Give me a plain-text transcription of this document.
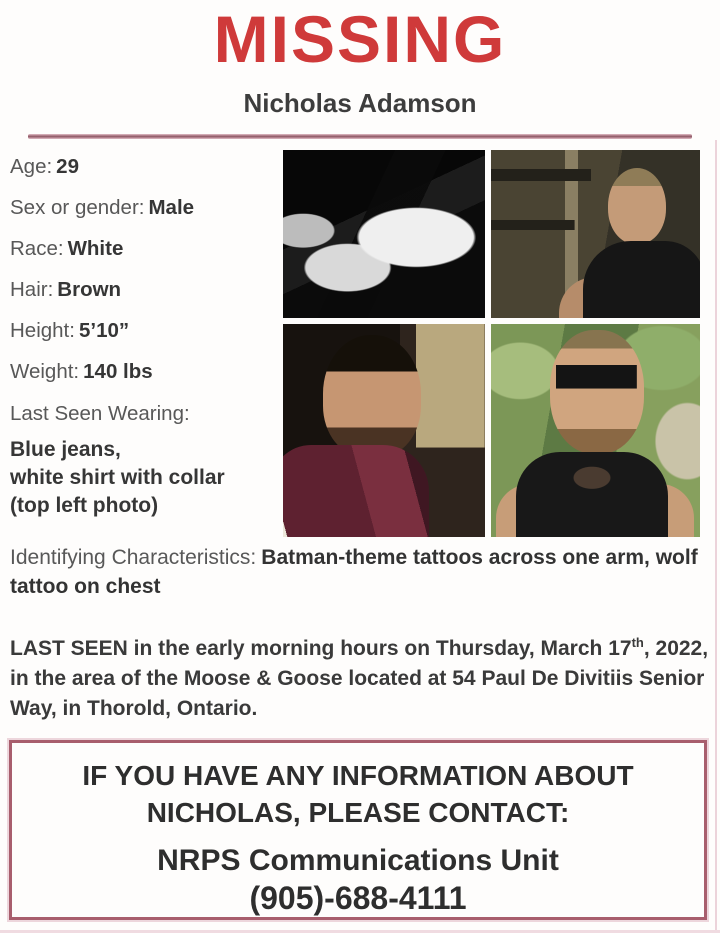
MISSING
Nicholas Adamson

Age: 29

Sex or gender: Male

Race: White

Hair: Brown

Height: 5’10”

Weight: 140 lbs

Last Seen Wearing:

Blue jeans,
white shirt with collar
(top left photo)

Identifying Characteristics: Batman-theme tattoos across one arm, wolf tattoo on chest

LAST SEEN in the early morning hours on Thursday, March 17th, 2022, in the area of the Moose & Goose located at 54 Paul De Divitiis Senior Way, in Thorold, Ontario.

IF YOU HAVE ANY INFORMATION ABOUT
NICHOLAS, PLEASE CONTACT:
NRPS Communications Unit
(905)-688-4111
